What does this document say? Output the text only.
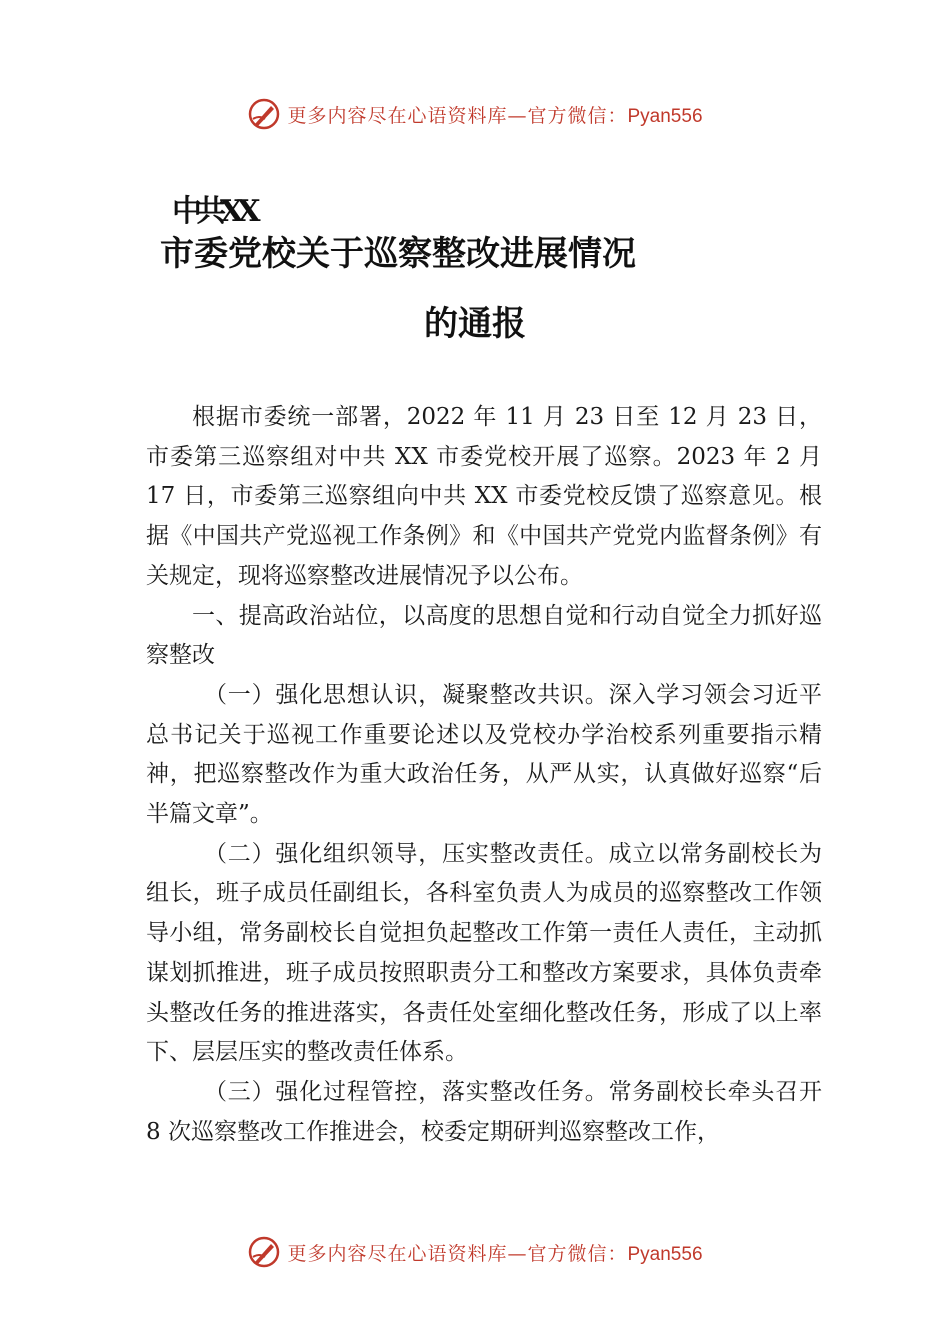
更多内容尽在心语资料库—官方微信：Pyan556
中共XX
市委党校关于巡察整改进展情况
的通报

根据市委统一部署，2022 年 11 月 23 日至 12 月 23 日，市委第三巡察组对中共 XX 市委党校开展了巡察。2023 年 2 月 17 日，市委第三巡察组向中共 XX 市委党校反馈了巡察意见。根据《中国共产党巡视工作条例》和《中国共产党党内监督条例》有关规定，现将巡察整改进展情况予以公布。

一、提高政治站位，以高度的思想自觉和行动自觉全力抓好巡察整改

（一）强化思想认识，凝聚整改共识。深入学习领会习近平总书记关于巡视工作重要论述以及党校办学治校系列重要指示精神，把巡察整改作为重大政治任务，从严从实，认真做好巡察“后半篇文章”。

（二）强化组织领导，压实整改责任。成立以常务副校长为组长，班子成员任副组长，各科室负责人为成员的巡察整改工作领导小组，常务副校长自觉担负起整改工作第一责任人责任，主动抓谋划抓推进，班子成员按照职责分工和整改方案要求，具体负责牵头整改任务的推进落实，各责任处室细化整改任务，形成了以上率下、层层压实的整改责任体系。

（三）强化过程管控，落实整改任务。常务副校长牵头召开 8 次巡察整改工作推进会，校委定期研判巡察整改工作，

更多内容尽在心语资料库—官方微信：Pyan556
